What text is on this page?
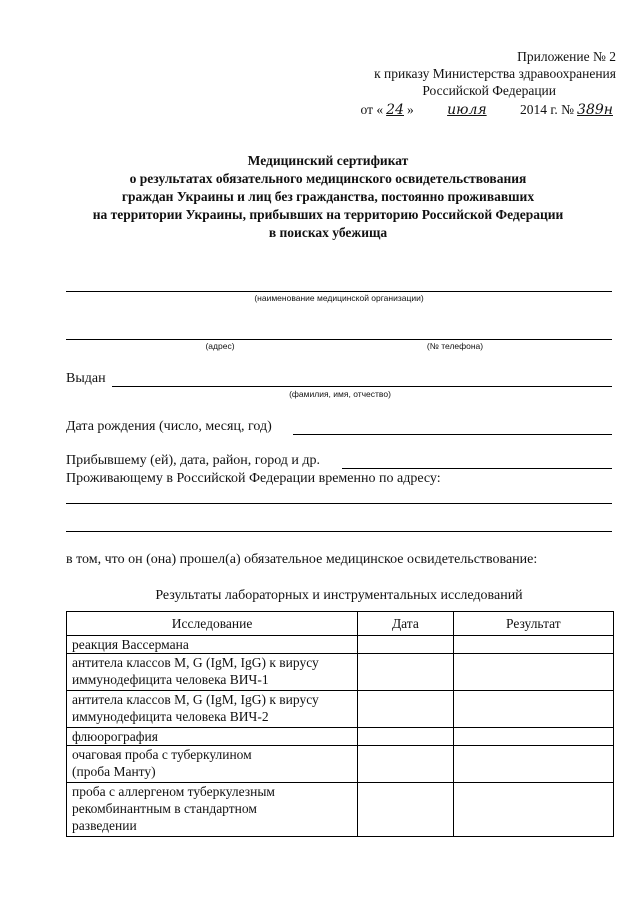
Приложение № 2
к приказу Министерства здравоохранения
Российской Федерации
от « 24 » июля 2014 г. № 389н
Медицинский сертификат
о результатах обязательного медицинского освидетельствования
граждан Украины и лиц без гражданства, постоянно проживавших
на территории Украины, прибывших на территорию Российской Федерации
в поисках убежища
(наименование медицинской организации)
(адрес)	(№ телефона)
Выдан
(фамилия, имя, отчество)
Дата рождения (число, месяц, год)
Прибывшему (ей), дата, район, город и др.
Проживающему в Российской Федерации временно по адресу:
в том, что он (она) прошел(а) обязательное медицинское освидетельствование:
Результаты лабораторных и инструментальных исследований
Исследование	Дата	Результат
реакция Вассермана		
антитела классов M, G (IgM, IgG) к вирусу иммунодефицита человека ВИЧ-1		
антитела классов M, G (IgM, IgG) к вирусу иммунодефицита человека ВИЧ-2		
флюорография		
очаговая проба с туберкулином (проба Манту)		
проба с аллергеном туберкулезным рекомбинантным в стандартном разведении		
